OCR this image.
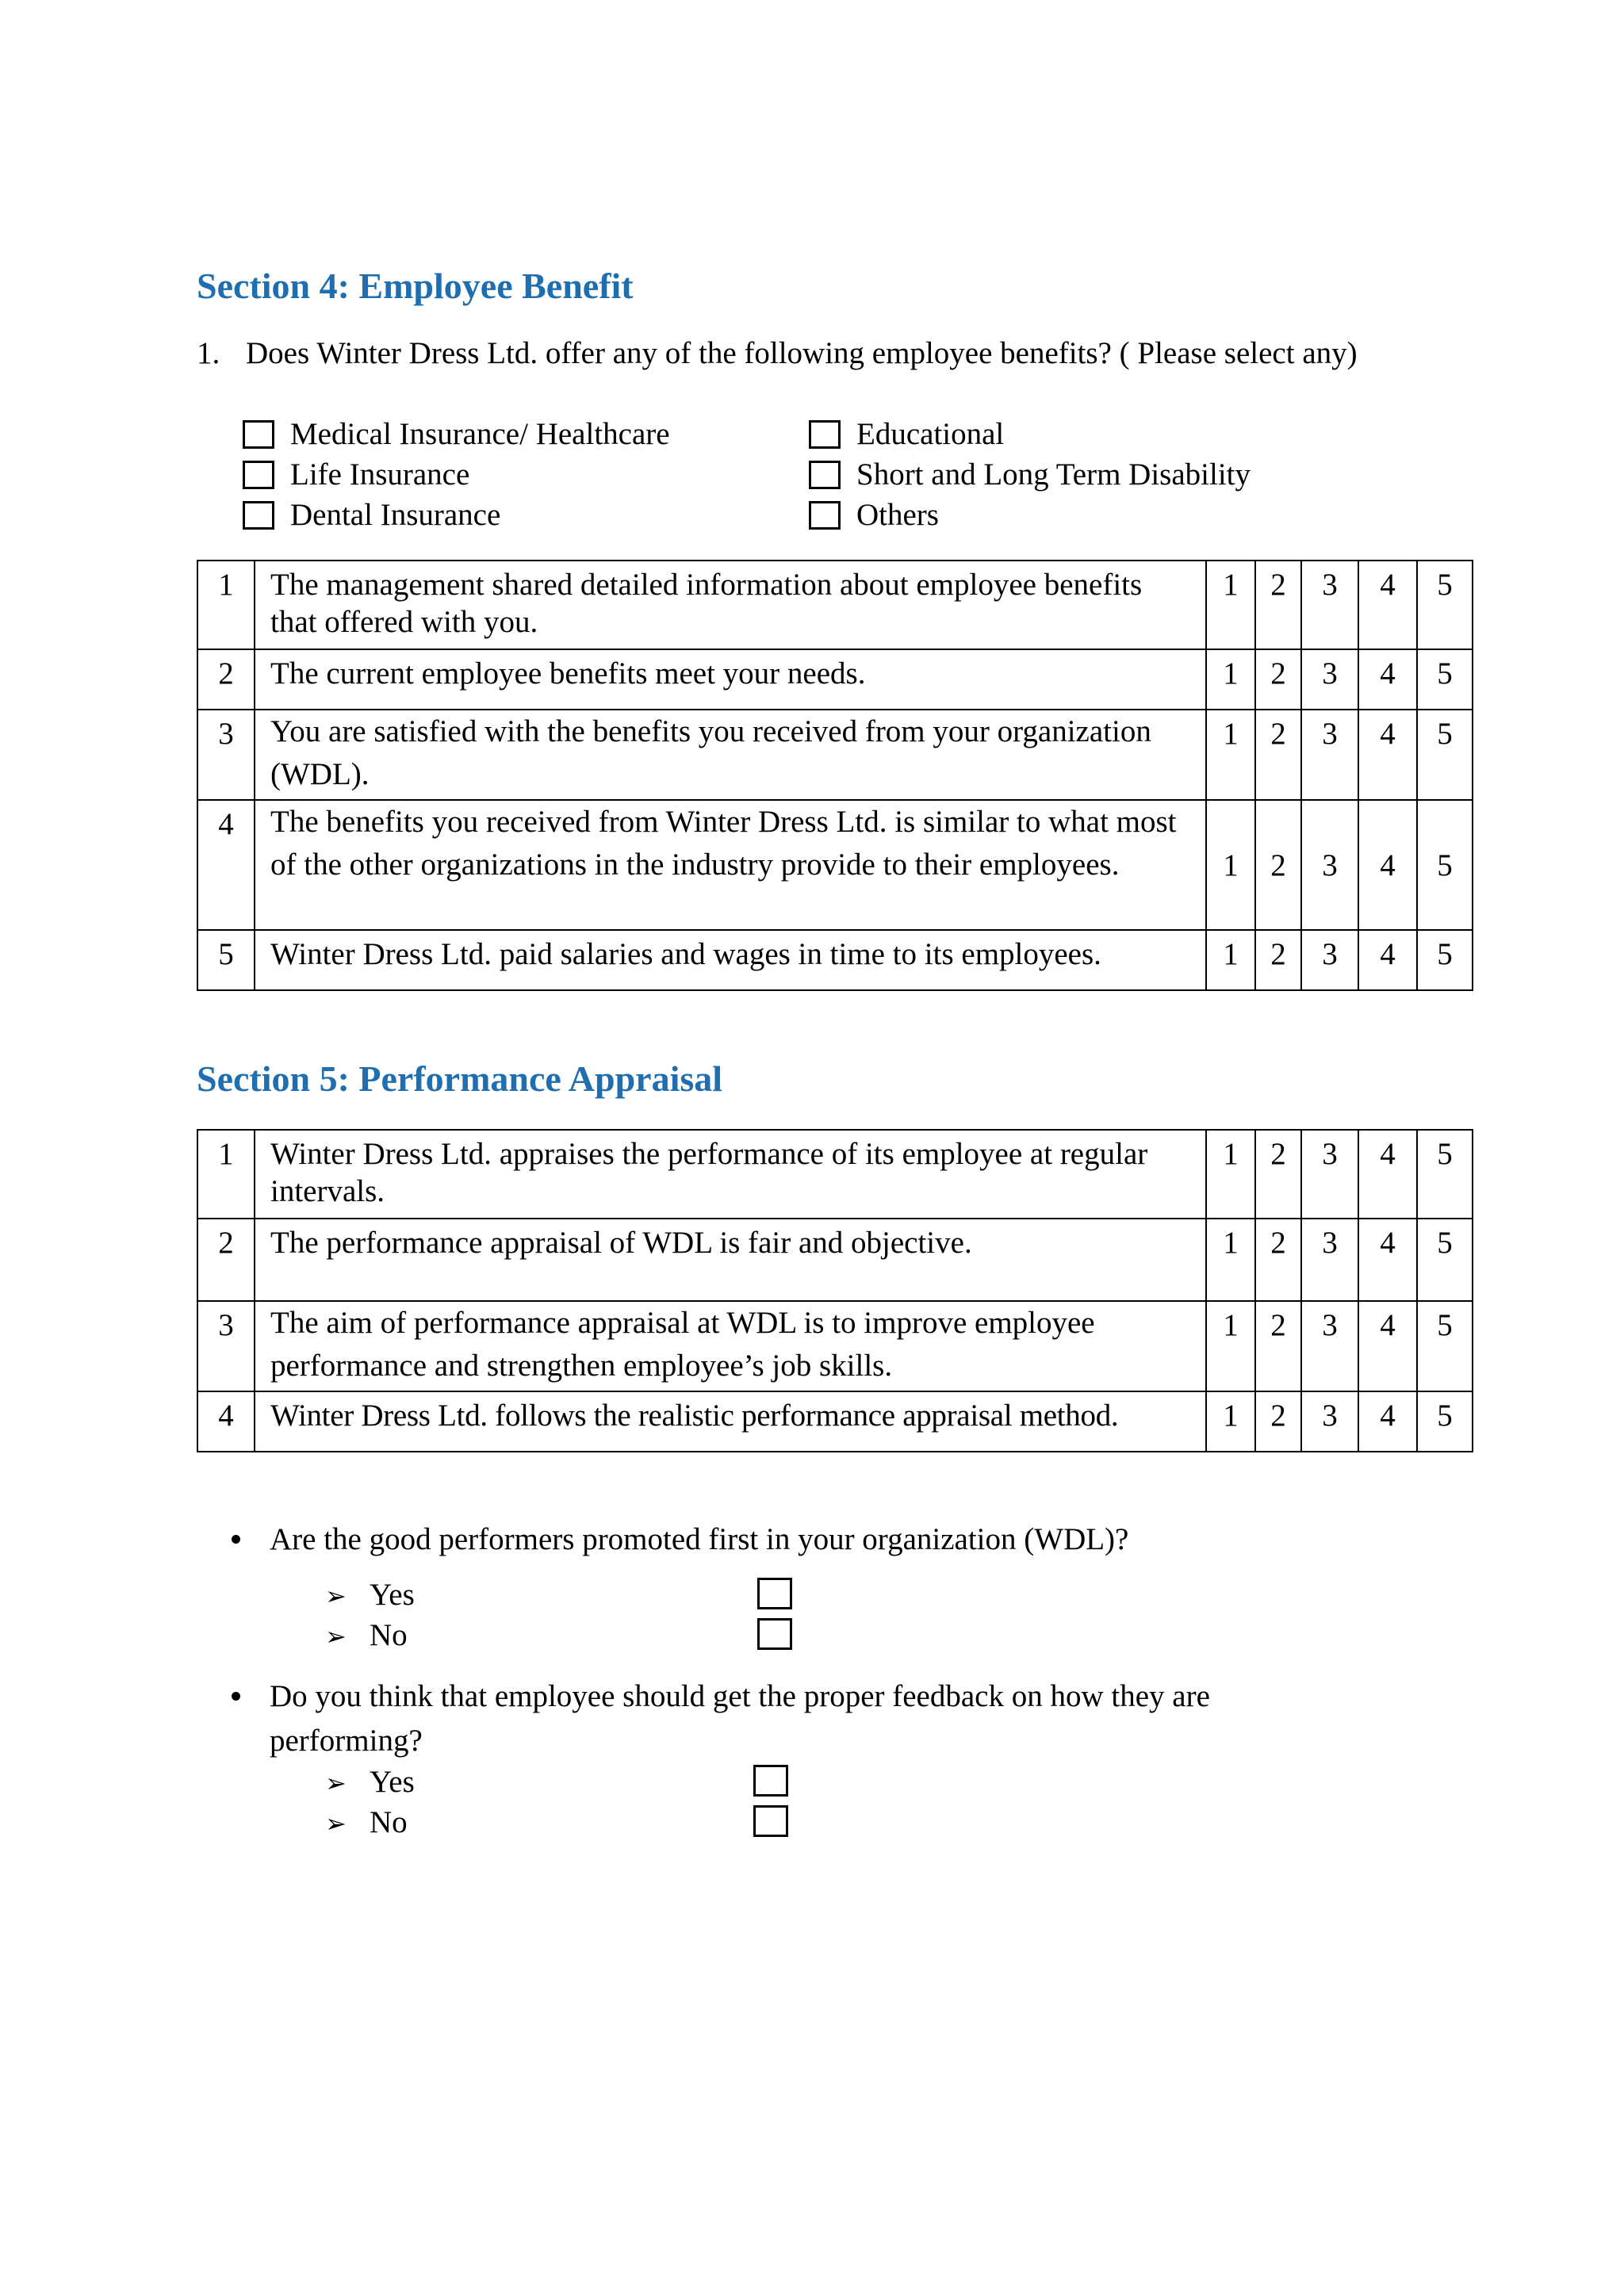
Section 4: Employee Benefit
1. Does Winter Dress Ltd. offer any of the following employee benefits? ( Please select any)
Medical Insurance/ Healthcare
Life Insurance
Dental Insurance
Educational
Short and Long Term Disability
Others
1	The management shared detailed information about employee benefits that offered with you.	1	2	3	4	5
2	The current employee benefits meet your needs.	1	2	3	4	5
3	You are satisfied with the benefits you received from your organization (WDL).	1	2	3	4	5
4	The benefits you received from Winter Dress Ltd. is similar to what most of the other organizations in the industry provide to their employees.	1	2	3	4	5
5	Winter Dress Ltd. paid salaries and wages in time to its employees.	1	2	3	4	5
Section 5: Performance Appraisal
1	Winter Dress Ltd. appraises the performance of its employee at regular intervals.	1	2	3	4	5
2	The performance appraisal of WDL is fair and objective.	1	2	3	4	5
3	The aim of performance appraisal at WDL is to improve employee performance and strengthen employee’s job skills.	1	2	3	4	5
4	Winter Dress Ltd. follows the realistic performance appraisal method.	1	2	3	4	5
Are the good performers promoted first in your organization (WDL)?
➢ Yes
➢ No
Do you think that employee should get the proper feedback on how they are performing?
➢ Yes
➢ No
